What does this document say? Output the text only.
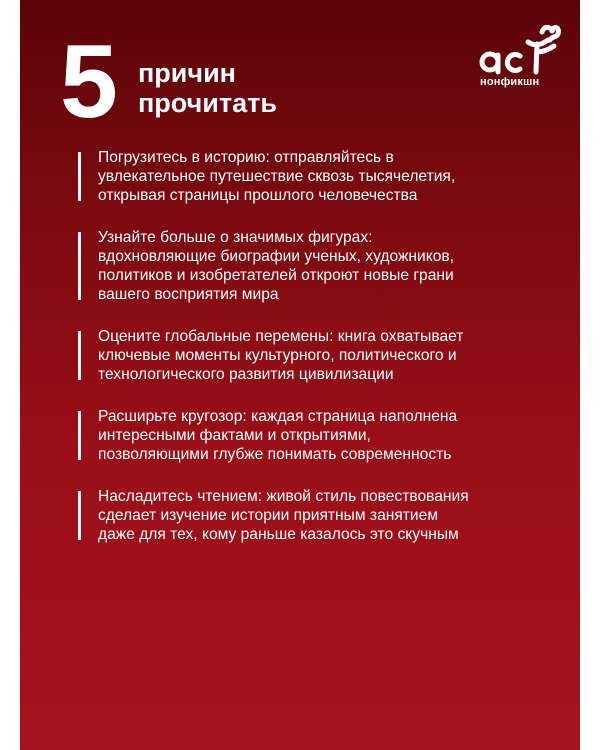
5 причин
прочитать
нонфикшн
Погрузитесь в историю: отправляйтесь в
увлекательное путешествие сквозь тысячелетия,
открывая страницы прошлого человечества
Узнайте больше о значимых фигурах:
вдохновляющие биографии ученых, художников,
политиков и изобретателей откроют новые грани
вашего восприятия мира
Оцените глобальные перемены: книга охватывает
ключевые моменты культурного, политического и
технологического развития цивилизации
Расширьте кругозор: каждая страница наполнена
интересными фактами и открытиями,
позволяющими глубже понимать современность
Насладитесь чтением: живой стиль повествования
сделает изучение истории приятным занятием
даже для тех, кому раньше казалось это скучным
